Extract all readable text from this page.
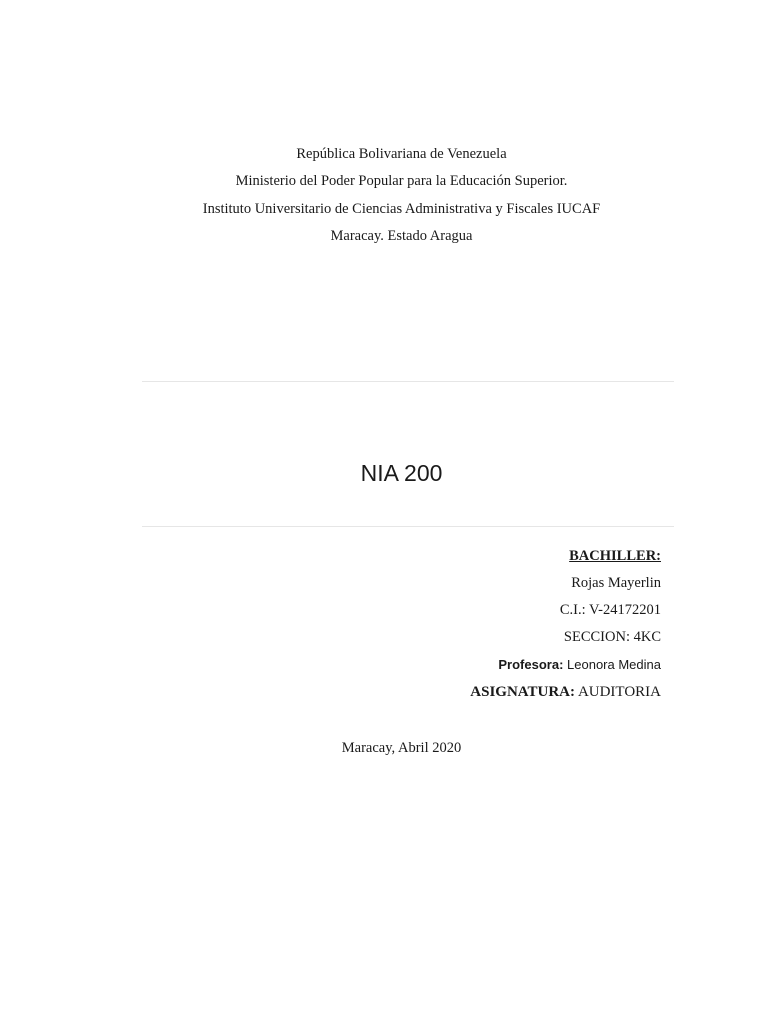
República Bolivariana de Venezuela
Ministerio del Poder Popular para la Educación Superior.
Instituto Universitario de Ciencias Administrativa y Fiscales IUCAF
Maracay. Estado Aragua
NIA 200
BACHILLER:
Rojas Mayerlin
C.I.: V-24172201
SECCION: 4KC
Profesora: Leonora Medina
ASIGNATURA: AUDITORIA
Maracay, Abril 2020
